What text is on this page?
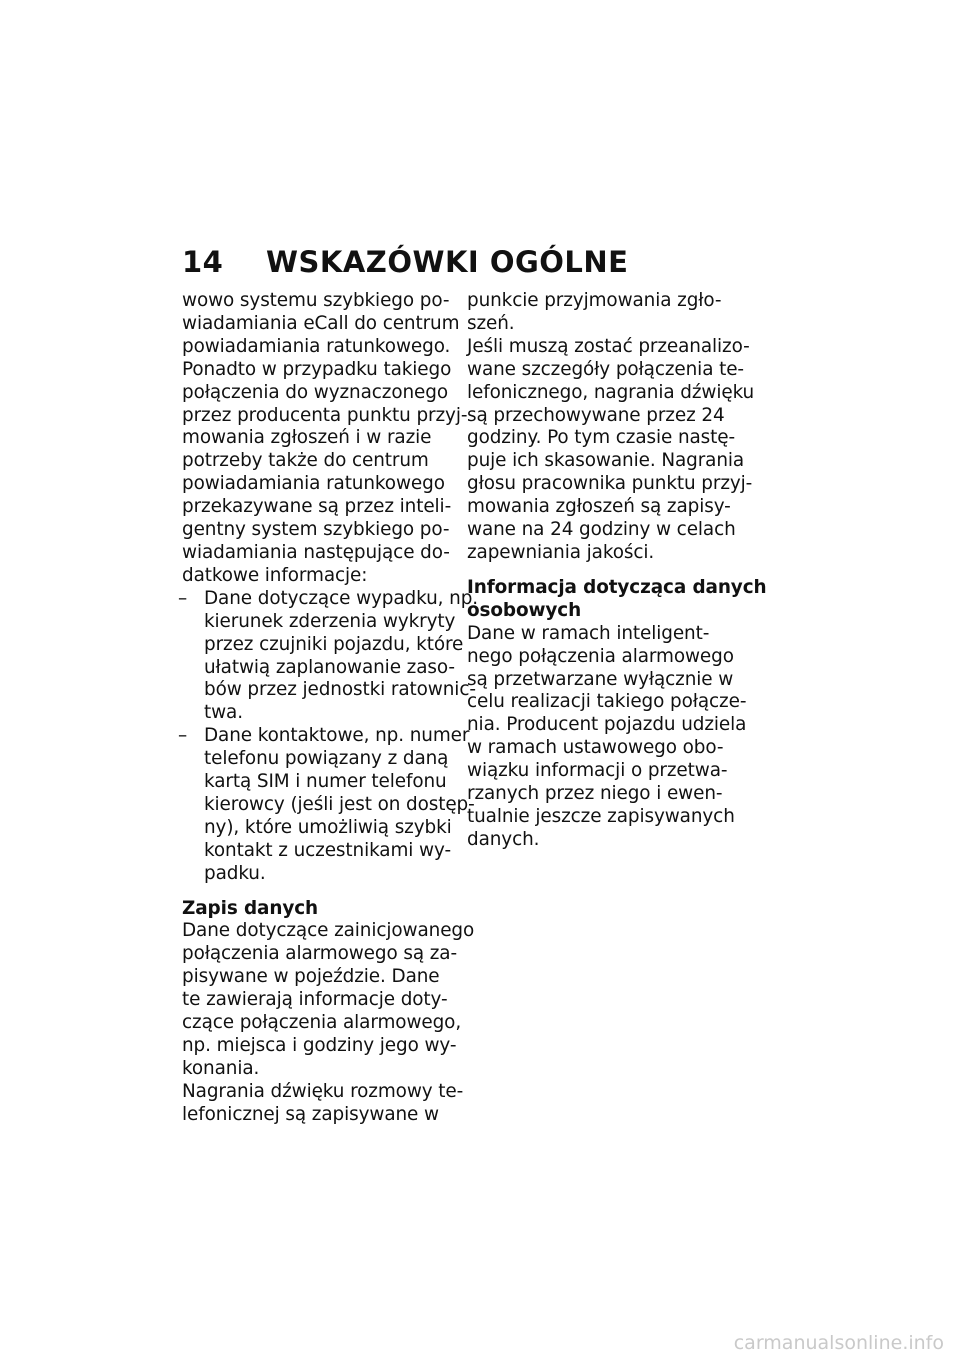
14 WSKAZÓWKI OGÓLNE
wowo systemu szybkiego po-
wiadamiania eCall do centrum
powiadamiania ratunkowego.
Ponadto w przypadku takiego
połączenia do wyznaczonego
przez producenta punktu przyj-
mowania zgłoszeń i w razie
potrzeby także do centrum
powiadamiania ratunkowego
przekazywane są przez inteli-
gentny system szybkiego po-
wiadamiania następujące do-
datkowe informacje:
– Dane dotyczące wypadku, np.
kierunek zderzenia wykryty
przez czujniki pojazdu, które
ułatwią zaplanowanie zaso-
bów przez jednostki ratownic-
twa.
– Dane kontaktowe, np. numer
telefonu powiązany z daną
kartą SIM i numer telefonu
kierowcy (jeśli jest on dostęp-
ny), które umożliwią szybki
kontakt z uczestnikami wy-
padku.
Zapis danych
Dane dotyczące zainicjowanego
połączenia alarmowego są za-
pisywane w pojeździe. Dane
te zawierają informacje doty-
czące połączenia alarmowego,
np. miejsca i godziny jego wy-
konania.
Nagrania dźwięku rozmowy te-
lefonicznej są zapisywane w
punkcie przyjmowania zgło-
szeń.
Jeśli muszą zostać przeanalizo-
wane szczegóły połączenia te-
lefonicznego, nagrania dźwięku
są przechowywane przez 24
godziny. Po tym czasie nastę-
puje ich skasowanie. Nagrania
głosu pracownika punktu przyj-
mowania zgłoszeń są zapisy-
wane na 24 godziny w celach
zapewniania jakości.
Informacja dotycząca danych
osobowych
Dane w ramach inteligent-
nego połączenia alarmowego
są przetwarzane wyłącznie w
celu realizacji takiego połącze-
nia. Producent pojazdu udziela
w ramach ustawowego obo-
wiązku informacji o przetwa-
rzanych przez niego i ewen-
tualnie jeszcze zapisywanych
danych.
carmanualsonline.info
